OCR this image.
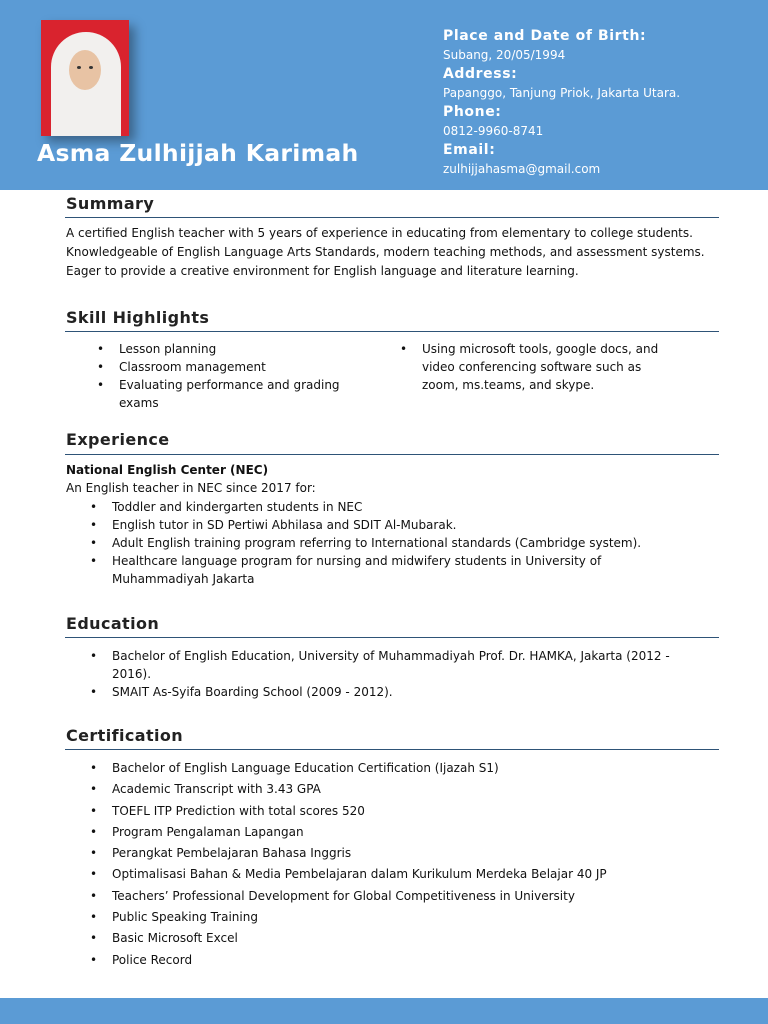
Asma Zulhijjah Karimah
Place and Date of Birth:
Subang, 20/05/1994
Address:
Papanggo, Tanjung Priok, Jakarta Utara.
Phone:
0812-9960-8741
Email:
zulhijjahasma@gmail.com
Summary
A certified English teacher with 5 years of experience in educating from elementary to college students.
Knowledgeable of English Language Arts Standards, modern teaching methods, and assessment systems.
Eager to provide a creative environment for English language and literature learning.
Skill Highlights
• Lesson planning
• Classroom management
• Evaluating performance and grading exams
• Using microsoft tools, google docs, and video conferencing software such as zoom, ms.teams, and skype.
Experience
National English Center (NEC)
An English teacher in NEC since 2017 for:
• Toddler and kindergarten students in NEC
• English tutor in SD Pertiwi Abhilasa and SDIT Al-Mubarak.
• Adult English training program referring to International standards (Cambridge system).
• Healthcare language program for nursing and midwifery students in University of Muhammadiyah Jakarta
Education
• Bachelor of English Education, University of Muhammadiyah Prof. Dr. HAMKA, Jakarta (2012 - 2016).
• SMAIT As-Syifa Boarding School (2009 - 2012).
Certification
• Bachelor of English Language Education Certification (Ijazah S1)
• Academic Transcript with 3.43 GPA
• TOEFL ITP Prediction with total scores 520
• Program Pengalaman Lapangan
• Perangkat Pembelajaran Bahasa Inggris
• Optimalisasi Bahan & Media Pembelajaran dalam Kurikulum Merdeka Belajar 40 JP
• Teachers’ Professional Development for Global Competitiveness in University
• Public Speaking Training
• Basic Microsoft Excel
• Police Record
